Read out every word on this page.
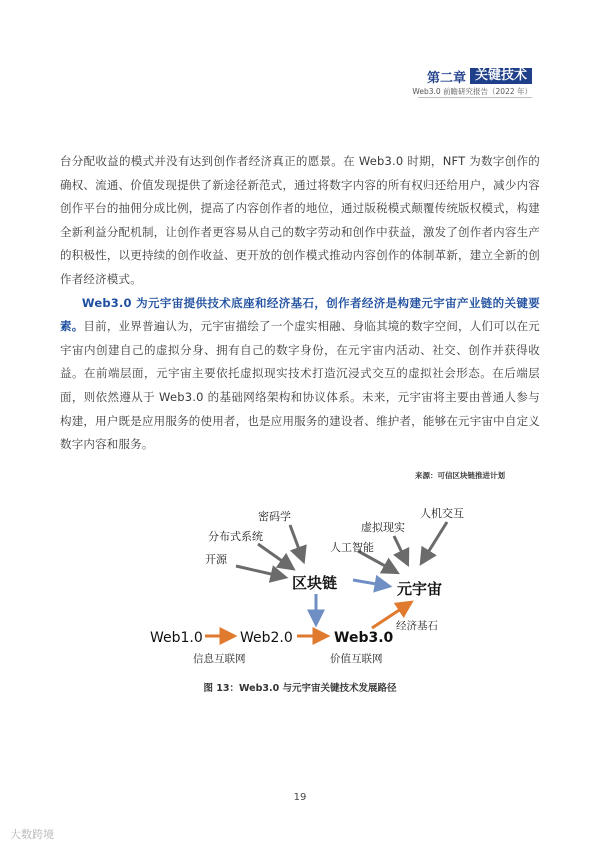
第二章 关键技术
Web3.0 前瞻研究报告（2022 年）

台分配收益的模式并没有达到创作者经济真正的愿景。在 Web3.0 时期，NFT 为数字创作的确权、流通、价值发现提供了新途径新范式，通过将数字内容的所有权归还给用户，减少内容创作平台的抽佣分成比例，提高了内容创作者的地位，通过版税模式颠覆传统版权模式，构建全新利益分配机制，让创作者更容易从自己的数字劳动和创作中获益，激发了创作者内容生产的积极性，以更持续的创作收益、更开放的创作模式推动内容创作的体制革新，建立全新的创作者经济模式。

Web3.0 为元宇宙提供技术底座和经济基石，创作者经济是构建元宇宙产业链的关键要素。目前，业界普遍认为，元宇宙描绘了一个虚实相融、身临其境的数字空间，人们可以在元宇宙内创建自己的虚拟分身、拥有自己的数字身份，在元宇宙内活动、社交、创作并获得收益。在前端层面，元宇宙主要依托虚拟现实技术打造沉浸式交互的虚拟社会形态。在后端层面，则依然遵从于 Web3.0 的基础网络架构和协议体系。未来，元宇宙将主要由普通人参与构建，用户既是应用服务的使用者，也是应用服务的建设者、维护者，能够在元宇宙中自定义数字内容和服务。

来源：可信区块链推进计划
密码学
分布式系统
开源
区块链
人机交互
虚拟现实
人工智能
元宇宙
Web1.0
信息互联网
Web2.0	Web3.0
价值互联网
经济基石
图 13：Web3.0 与元宇宙关键技术发展路径
19
大数跨境
